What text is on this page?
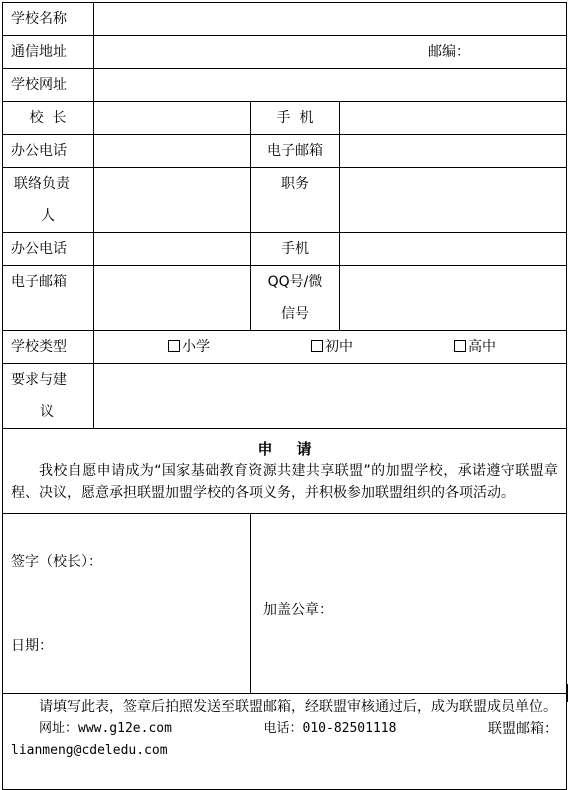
学校名称			
通信地址	邮编：		

学校网址			
校  长		手  机	
办公电话		电子邮箱	

联络负责
人		职务	
办公电话		手机	
电子邮箱		QQ号/微
信号	

学校类型	小学 初中 高中		

要求与建
议			

申 请
我校自愿申请成为“国家基础教育资源共建共享联盟”的加盟学校，承诺遵守联盟章程、决议，愿意承担联盟加盟学校的各项义务，并积极参加联盟组织的各项活动。			

签字（校长）：
日期：		加盖公章：	

请填写此表，签章后拍照发送至联盟邮箱，经联盟审核通过后，成为联盟成员单位。
网址：www.g12e.com 电话：010-82501118 联盟邮箱：
lianmeng@cdeledu.com			
